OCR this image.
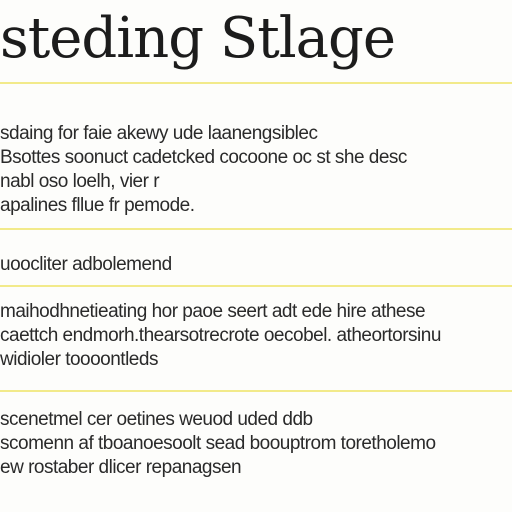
steding Stlage
sdaing for faie akewy ude laanengsiblec
Bsottes soonuct cadetcked cocoone oc st she desc
nabl oso loelh, vier r
apalines fllue fr pemode.
uoocliter adbolemend
maihodhnetieating hor paoe seert adt ede hire athese
caettch endmorh.thearsotrecrote oecobel. atheortorsinu
widioler toooontleds
scenetmel cer oetines weuod uded ddb
scomenn af tboanoesoolt sead boouptrom toretholemo
ew rostaber dlicer repanagsen
